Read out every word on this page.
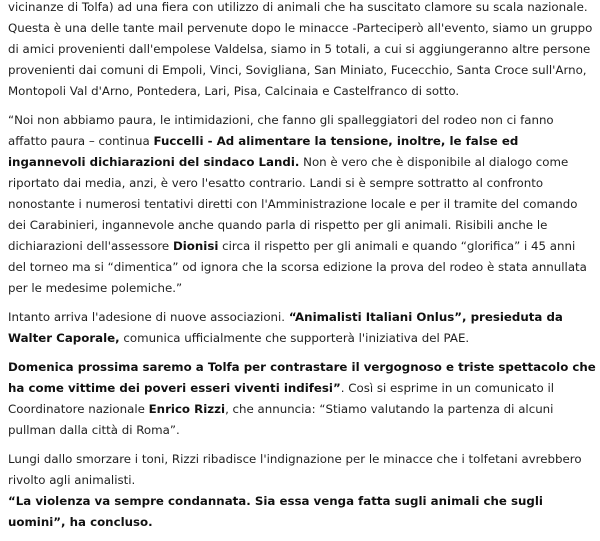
vicinanze di Tolfa) ad una fiera con utilizzo di animali che ha suscitato clamore su scala nazionale. Questa è una delle tante mail pervenute dopo le minacce -Parteciperò all'evento, siamo un gruppo di amici provenienti dall'empolese Valdelsa, siamo in 5 totali, a cui si aggiungeranno altre persone provenienti dai comuni di Empoli, Vinci, Sovigliana, San Miniato, Fucecchio, Santa Croce sull'Arno, Montopoli Val d'Arno, Pontedera, Lari, Pisa, Calcinaia e Castelfranco di sotto.

“Noi non abbiamo paura, le intimidazioni, che fanno gli spalleggiatori del rodeo non ci fanno affatto paura – continua Fuccelli - Ad alimentare la tensione, inoltre, le false ed ingannevoli dichiarazioni del sindaco Landi. Non è vero che è disponibile al dialogo come riportato dai media, anzi, è vero l'esatto contrario. Landi si è sempre sottratto al confronto nonostante i numerosi tentativi diretti con l'Amministrazione locale e per il tramite del comando dei Carabinieri, ingannevole anche quando parla di rispetto per gli animali. Risibili anche le dichiarazioni dell'assessore Dionisi circa il rispetto per gli animali e quando “glorifica” i 45 anni del torneo ma si “dimentica” od ignora che la scorsa edizione la prova del rodeo è stata annullata per le medesime polemiche.”

Intanto arriva l'adesione di nuove associazioni. “Animalisti Italiani Onlus”, presieduta da Walter Caporale, comunica ufficialmente che supporterà l'iniziativa del PAE.

Domenica prossima saremo a Tolfa per contrastare il vergognoso e triste spettacolo che ha come vittime dei poveri esseri viventi indifesi”. Così si esprime in un comunicato il Coordinatore nazionale Enrico Rizzi, che annuncia: “Stiamo valutando la partenza di alcuni pullman dalla città di Roma”.

Lungi dallo smorzare i toni, Rizzi ribadisce l'indignazione per le minacce che i tolfetani avrebbero rivolto agli animalisti.

“La violenza va sempre condannata. Sia essa venga fatta sugli animali che sugli uomini”, ha concluso.
